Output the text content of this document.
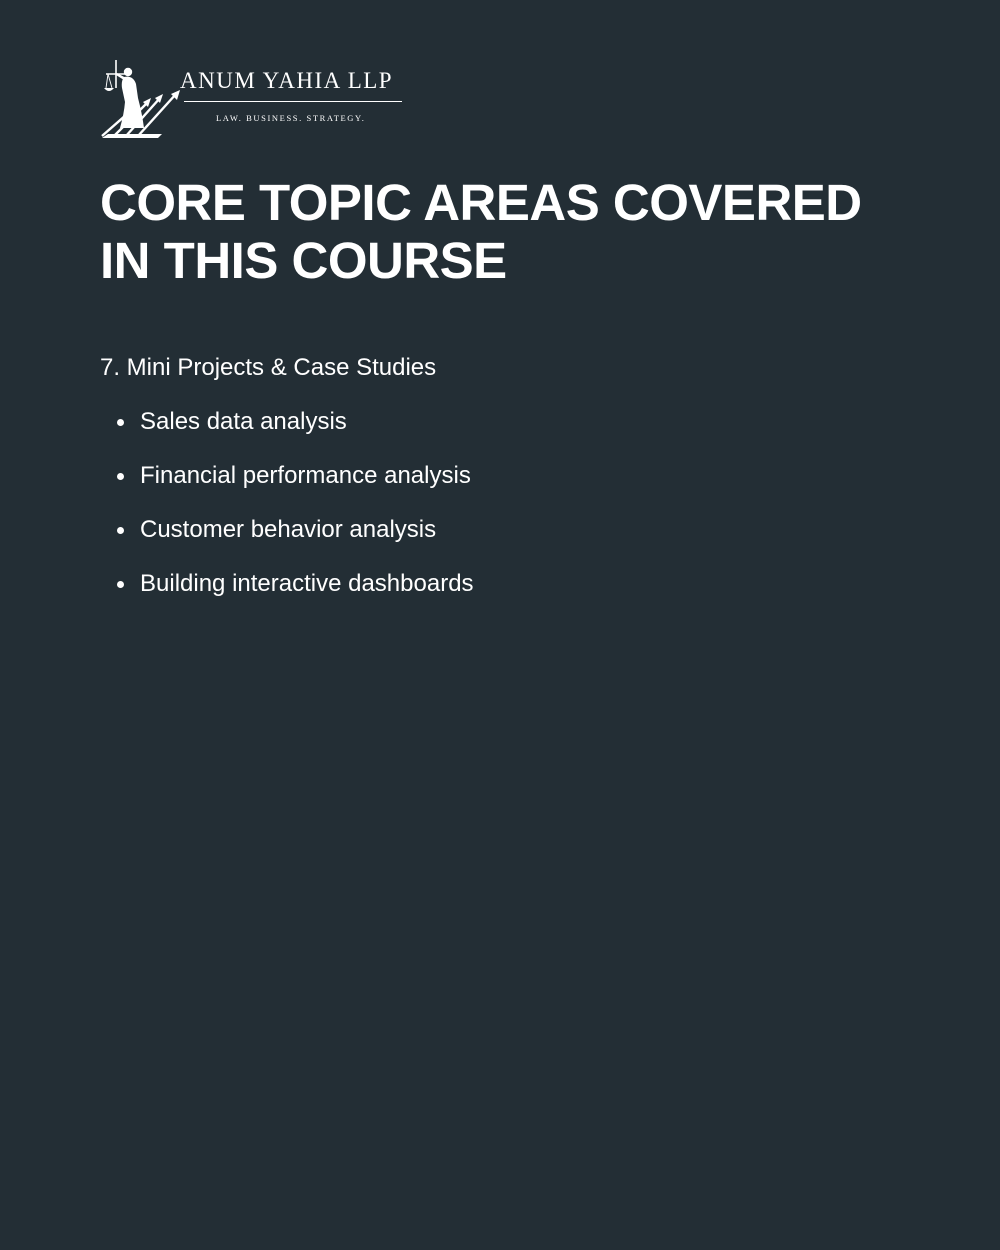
ANUM YAHIA LLP
LAW. BUSINESS. STRATEGY.
CORE TOPIC AREAS COVERED IN THIS COURSE
7. Mini Projects & Case Studies
Sales data analysis
Financial performance analysis
Customer behavior analysis
Building interactive dashboards
